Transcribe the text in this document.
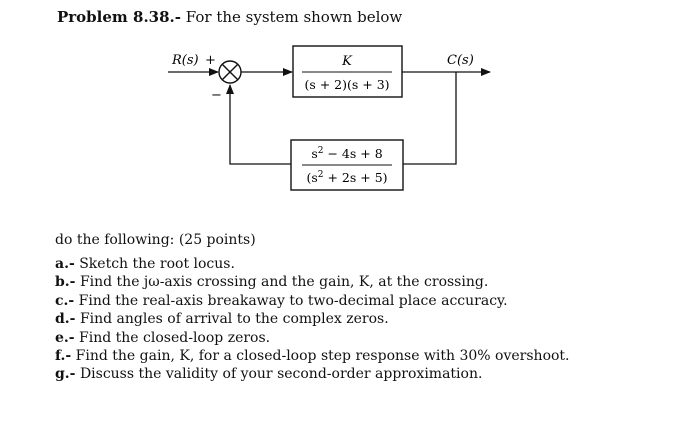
Problem 8.38.- For the system shown below
R(s) +
−
K
(s + 2)(s + 3)
C(s)
$s^2 - 4s + 8$
$(s^2 + 2s + 5)$
do the following: (25 points)
a.- Sketch the root locus.
b.- Find the jω-axis crossing and the gain, K, at the crossing.
c.- Find the real-axis breakaway to two-decimal place accuracy.
d.- Find angles of arrival to the complex zeros.
e.- Find the closed-loop zeros.
f.- Find the gain, K, for a closed-loop step response with 30% overshoot.
g.- Discuss the validity of your second-order approximation.
